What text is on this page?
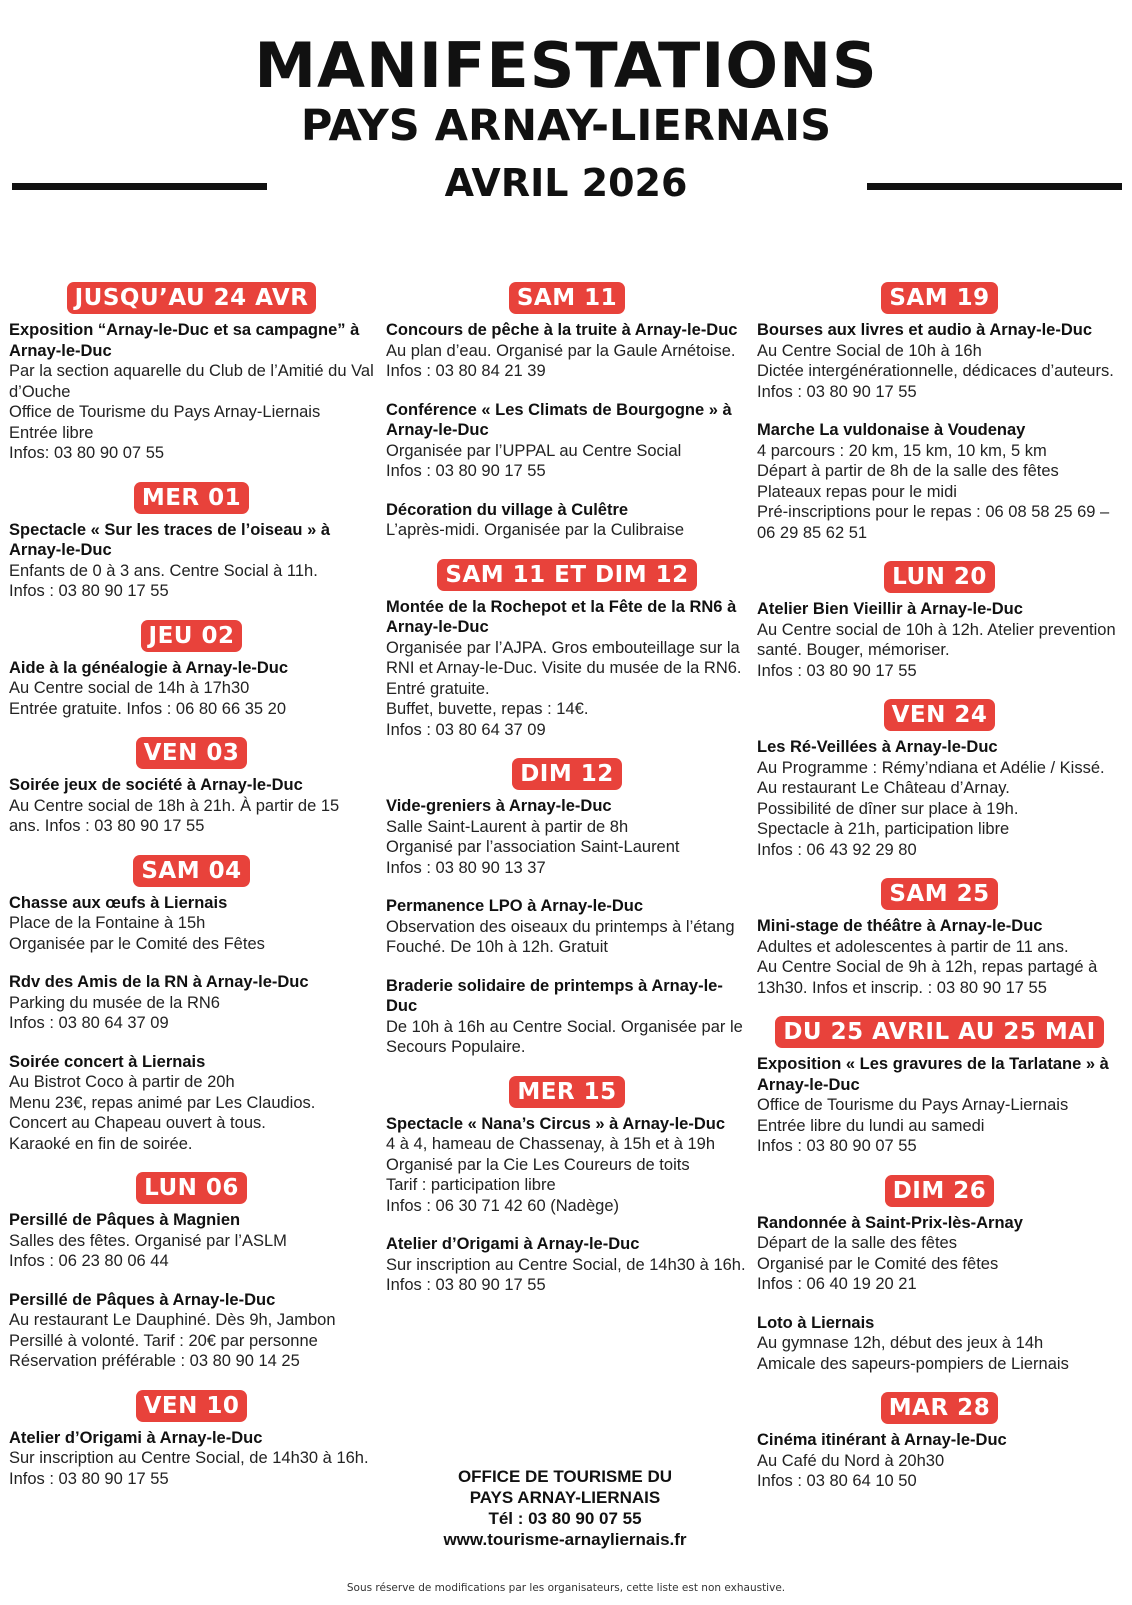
MANIFESTATIONS
PAYS ARNAY-LIERNAIS
AVRIL 2026
JUSQU’AU 24 AVR
Exposition “Arnay-le-Duc et sa campagne” à Arnay-le-Duc
Par la section aquarelle du Club de l’Amitié du Val d’Ouche
Office de Tourisme du Pays Arnay-Liernais
Entrée libre
Infos: 03 80 90 07 55
MER 01
Spectacle « Sur les traces de l’oiseau » à Arnay-le-Duc
Enfants de 0 à 3 ans. Centre Social à 11h.
Infos : 03 80 90 17 55
JEU 02
Aide à la généalogie à Arnay-le-Duc
Au Centre social de 14h à 17h30
Entrée gratuite. Infos : 06 80 66 35 20
VEN 03
Soirée jeux de société à Arnay-le-Duc
Au Centre social de 18h à 21h. À partir de 15 ans. Infos : 03 80 90 17 55
SAM 04
Chasse aux œufs à Liernais
Place de la Fontaine à 15h
Organisée par le Comité des Fêtes
Rdv des Amis de la RN à Arnay-le-Duc
Parking du musée de la RN6
Infos : 03 80 64 37 09
Soirée concert à Liernais
Au Bistrot Coco à partir de 20h
Menu 23€, repas animé par Les Claudios.
Concert au Chapeau ouvert à tous.
Karaoké en fin de soirée.
LUN 06
Persillé de Pâques à Magnien
Salles des fêtes. Organisé par l’ASLM
Infos : 06 23 80 06 44
Persillé de Pâques à Arnay-le-Duc
Au restaurant Le Dauphiné. Dès 9h, Jambon Persillé à volonté. Tarif : 20€ par personne
Réservation préférable : 03 80 90 14 25
VEN 10
Atelier d’Origami à Arnay-le-Duc
Sur inscription au Centre Social, de 14h30 à 16h. Infos : 03 80 90 17 55
SAM 11
Concours de pêche à la truite à Arnay-le-Duc
Au plan d’eau. Organisé par la Gaule Arnétoise. Infos : 03 80 84 21 39
Conférence « Les Climats de Bourgogne » à Arnay-le-Duc
Organisée par l’UPPAL au Centre Social
Infos : 03 80 90 17 55
Décoration du village à Culêtre
L’après-midi. Organisée par la Culibraise
SAM 11 ET DIM 12
Montée de la Rochepot et la Fête de la RN6 à Arnay-le-Duc
Organisée par l’AJPA. Gros embouteillage sur la RNI et Arnay-le-Duc. Visite du musée de la RN6. Entré gratuite.
Buffet, buvette, repas : 14€.
Infos : 03 80 64 37 09
DIM 12
Vide-greniers à Arnay-le-Duc
Salle Saint-Laurent à partir de 8h
Organisé par l’association Saint-Laurent
Infos : 03 80 90 13 37
Permanence LPO à Arnay-le-Duc
Observation des oiseaux du printemps à l’étang Fouché. De 10h à 12h. Gratuit
Braderie solidaire de printemps à Arnay-le-Duc
De 10h à 16h au Centre Social. Organisée par le Secours Populaire.
MER 15
Spectacle « Nana’s Circus » à Arnay-le-Duc
4 à 4, hameau de Chassenay, à 15h et à 19h
Organisé par la Cie Les Coureurs de toits
Tarif : participation libre
Infos : 06 30 71 42 60 (Nadège)
Atelier d’Origami à Arnay-le-Duc
Sur inscription au Centre Social, de 14h30 à 16h. Infos : 03 80 90 17 55
SAM 19
Bourses aux livres et audio à Arnay-le-Duc
Au Centre Social de 10h à 16h
Dictée intergénérationnelle, dédicaces d’auteurs. Infos : 03 80 90 17 55
Marche La vuldonaise à Voudenay
4 parcours : 20 km, 15 km, 10 km, 5 km
Départ à partir de 8h de la salle des fêtes
Plateaux repas pour le midi
Pré-inscriptions pour le repas : 06 08 58 25 69 – 06 29 85 62 51
LUN 20
Atelier Bien Vieillir à Arnay-le-Duc
Au Centre social de 10h à 12h. Atelier prevention santé. Bouger, mémoriser.
Infos : 03 80 90 17 55
VEN 24
Les Ré-Veillées à Arnay-le-Duc
Au Programme : Rémy’ndiana et Adélie / Kissé. Au restaurant Le Château d’Arnay.
Possibilité de dîner sur place à 19h.
Spectacle à 21h, participation libre
Infos : 06 43 92 29 80
SAM 25
Mini-stage de théâtre à Arnay-le-Duc
Adultes et adolescentes à partir de 11 ans.
Au Centre Social de 9h à 12h, repas partagé à 13h30. Infos et inscrip. : 03 80 90 17 55
DU 25 AVRIL AU 25 MAI
Exposition « Les gravures de la Tarlatane » à Arnay-le-Duc
Office de Tourisme du Pays Arnay-Liernais
Entrée libre du lundi au samedi
Infos : 03 80 90 07 55
DIM 26
Randonnée à Saint-Prix-lès-Arnay
Départ de la salle des fêtes
Organisé par le Comité des fêtes
Infos : 06 40 19 20 21
Loto à Liernais
Au gymnase 12h, début des jeux à 14h
Amicale des sapeurs-pompiers de Liernais
MAR 28
Cinéma itinérant à Arnay-le-Duc
Au Café du Nord à 20h30
Infos : 03 80 64 10 50
OFFICE DE TOURISME DU
PAYS ARNAY-LIERNAIS
Tél : 03 80 90 07 55
www.tourisme-arnayliernais.fr
Sous réserve de modifications par les organisateurs, cette liste est non exhaustive.
